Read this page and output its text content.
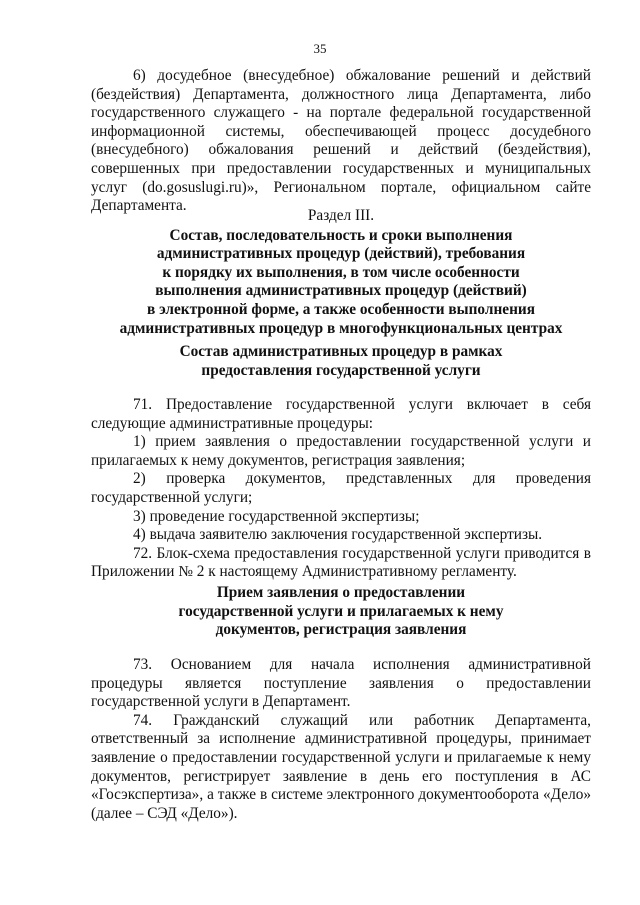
35

6) досудебное (внесудебное) обжалование решений и действий (бездействия) Департамента, должностного лица Департамента, либо государственного служащего - на портале федеральной государственной информационной системы, обеспечивающей процесс досудебного (внесудебного) обжалования решений и действий (бездействия), совершенных при предоставлении государственных и муниципальных услуг (do.gosuslugi.ru)», Региональном портале, официальном сайте Департамента.

Раздел III.
Состав, последовательность и сроки выполнения
административных процедур (действий), требования
к порядку их выполнения, в том числе особенности
выполнения административных процедур (действий)
в электронной форме, а также особенности выполнения
административных процедур в многофункциональных центрах
Состав административных процедур в рамках
предоставления государственной услуги

71. Предоставление государственной услуги включает в себя следующие административные процедуры:

1) прием заявления о предоставлении государственной услуги и прилагаемых к нему документов, регистрация заявления;

2) проверка документов, представленных для проведения государственной услуги;

3) проведение государственной экспертизы;

4) выдача заявителю заключения государственной экспертизы.

72. Блок-схема предоставления государственной услуги приводится в Приложении № 2 к настоящему Административному регламенту.

Прием заявления о предоставлении
государственной услуги и прилагаемых к нему
документов, регистрация заявления

73. Основанием для начала исполнения административной процедуры является поступление заявления о предоставлении государственной услуги в Департамент.

74. Гражданский служащий или работник Департамента, ответственный за исполнение административной процедуры, принимает заявление о предоставлении государственной услуги и прилагаемые к нему документов, регистрирует заявление в день его поступления в АС «Госэкспертиза», а также в системе электронного документооборота «Дело» (далее – СЭД «Дело»).
